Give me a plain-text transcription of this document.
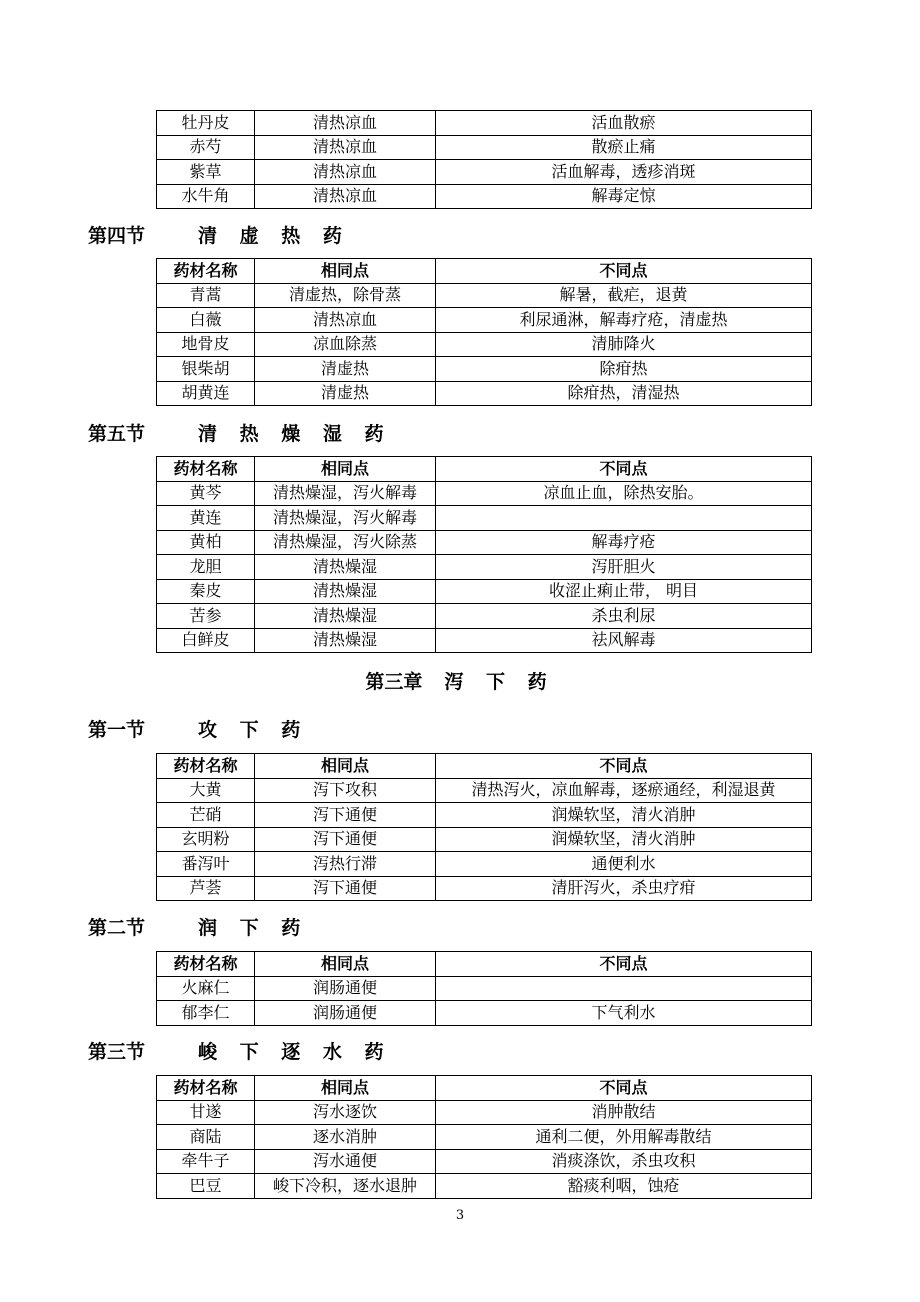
牡丹皮	清热凉血	活血散瘀
赤芍	清热凉血	散瘀止痛
紫草	清热凉血	活血解毒，透疹消斑
水牛角	清热凉血	解毒定惊
第四节	清 虚 热 药
药材名称	相同点	不同点
青蒿	清虚热，除骨蒸	解暑，截疟，退黄
白薇	清热凉血	利尿通淋，解毒疗疮，清虚热
地骨皮	凉血除蒸	清肺降火
银柴胡	清虚热	除疳热
胡黄连	清虚热	除疳热，清湿热
第五节	清 热 燥 湿 药
药材名称	相同点	不同点
黄芩	清热燥湿，泻火解毒	凉血止血，除热安胎。
黄连	清热燥湿，泻火解毒	
黄柏	清热燥湿，泻火除蒸	解毒疗疮
龙胆	清热燥湿	泻肝胆火
秦皮	清热燥湿	收涩止痢止带， 明目
苦参	清热燥湿	杀虫利尿
白鲜皮	清热燥湿	祛风解毒
第三章 泻 下 药
第一节	攻 下 药
药材名称	相同点	不同点
大黄	泻下攻积	清热泻火，凉血解毒，逐瘀通经，利湿退黄
芒硝	泻下通便	润燥软坚，清火消肿
玄明粉	泻下通便	润燥软坚，清火消肿
番泻叶	泻热行滞	通便利水
芦荟	泻下通便	清肝泻火，杀虫疗疳
第二节	润 下 药
药材名称	相同点	不同点
火麻仁	润肠通便	
郁李仁	润肠通便	下气利水
第三节	峻 下 逐 水 药
药材名称	相同点	不同点
甘遂	泻水逐饮	消肿散结
商陆	逐水消肿	通利二便，外用解毒散结
牵牛子	泻水通便	消痰涤饮，杀虫攻积
巴豆	峻下冷积，逐水退肿	豁痰利咽，蚀疮
3
